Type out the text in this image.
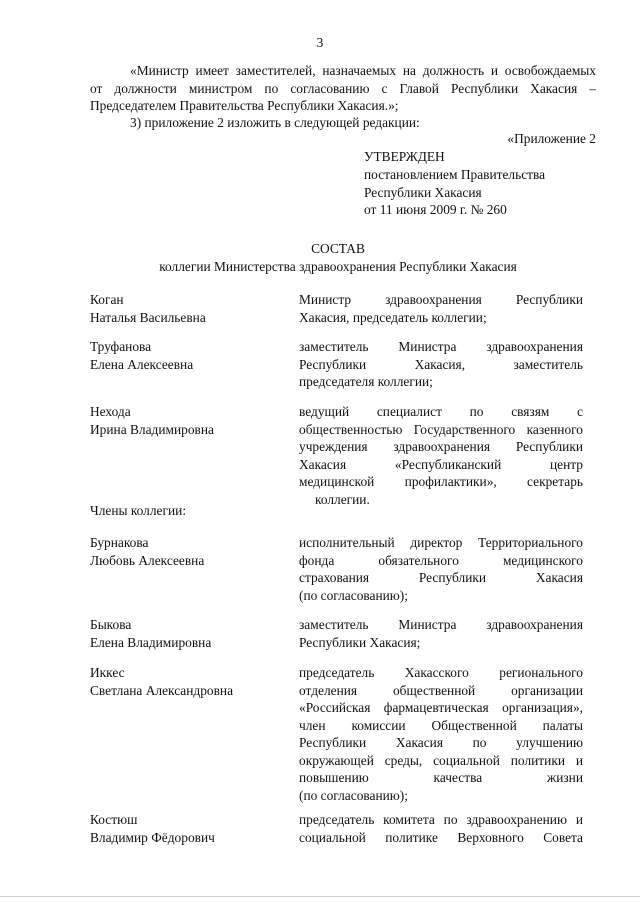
3
«Министр имеет заместителей, назначаемых на должность и освобождаемых
от должности министром по согласованию с Главой Республики Хакасия –
Председателем Правительства Республики Хакасия.»;
3) приложение 2 изложить в следующей редакции:
«Приложение 2
УТВЕРЖДЕН
постановлением Правительства
Республики Хакасия
от 11 июня 2009 г. № 260
СОСТАВ
коллегии Министерства здравоохранения Республики Хакасия
Коган
Наталья Васильевна
Министр здравоохранения Республики
Хакасия, председатель коллегии;
Труфанова
Елена Алексеевна
заместитель Министра здравоохранения
Республики Хакасия, заместитель
председателя коллегии;
Нехода
Ирина Владимировна
ведущий специалист по связям с
общественностью Государственного казенного
учреждения здравоохранения Республики
Хакасия «Республиканский центр
медицинской профилактики», секретарь
коллегии.
Члены коллегии:
Бурнакова
Любовь Алексеевна
исполнительный директор Территориального
фонда обязательного медицинского
страхования Республики Хакасия
(по согласованию);
Быкова
Елена Владимировна
заместитель Министра здравоохранения
Республики Хакасия;
Иккес
Светлана Александровна
председатель Хакасского регионального
отделения общественной организации
«Российская фармацевтическая организация»,
член комиссии Общественной палаты
Республики Хакасия по улучшению
окружающей среды, социальной политики и
повышению качества жизни
(по согласованию);
Костюш
Владимир Фёдорович
председатель комитета по здравоохранению и
социальной политике Верховного Совета
